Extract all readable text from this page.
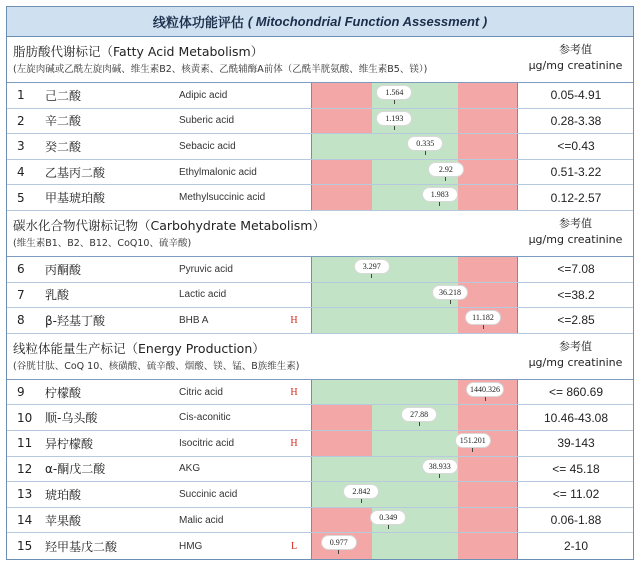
线粒体功能评估 ( Mitochondrial Function Assessment )
脂肪酸代谢标记（Fatty Acid Metabolism）
(左旋肉碱或乙酰左旋肉碱、维生素B2、核黄素、乙酰辅酶A前体（乙酰半胱氨酸、维生素B5、镁）)
参考值
μg/mg creatinine
1	己二酸	Adipic acid	1.564	0.05-4.91
2	辛二酸	Suberic acid	1.193	0.28-3.38
3	癸二酸	Sebacic acid	0.335	<=0.43
4	乙基丙二酸	Ethylmalonic acid	2.92	0.51-3.22
5	甲基琥珀酸	Methylsuccinic acid	1.983	0.12-2.57
碳水化合物代谢标记物（Carbohydrate Metabolism）
(维生素B1、B2、B12、CoQ10、硫辛酸)
参考值
μg/mg creatinine
6	丙酮酸	Pyruvic acid	3.297	<=7.08
7	乳酸	Lactic acid	36.218	<=38.2
8	β-羟基丁酸	BHB A	H	11.182	<=2.85
线粒体能量生产标记（Energy Production）
(谷胱甘肽、CoQ 10、核磺酸、硫辛酸、烟酸、镁、锰、B族维生素)
参考值
μg/mg creatinine
9	柠檬酸	Citric acid	H	1440.326	<= 860.69
10	顺-乌头酸	Cis-aconitic	27.88	10.46-43.08
11	异柠檬酸	Isocitric acid	H	151.201	39-143
12	α-酮戊二酸	AKG	38.933	<= 45.18
13	琥珀酸	Succinic acid	2.842	<= 11.02
14	苹果酸	Malic acid	0.349	0.06-1.88
15	羟甲基戊二酸	HMG	L	0.977	2-10
